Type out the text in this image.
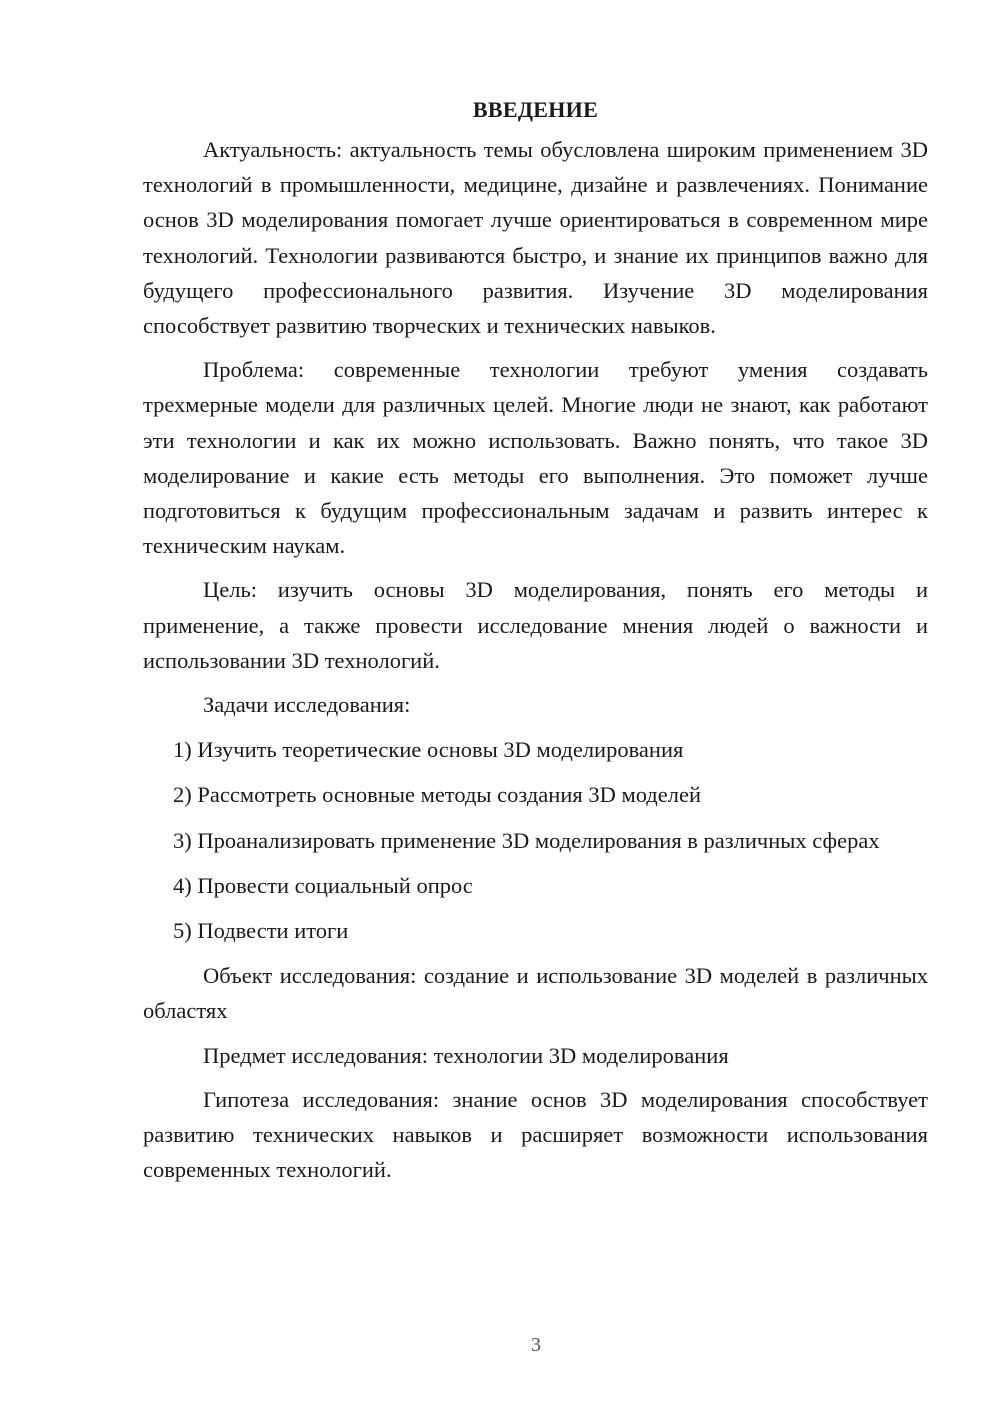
ВВЕДЕНИЕ

Актуальность: актуальность темы обусловлена широким применением 3D технологий в промышленности, медицине, дизайне и развлечениях. Понимание основ 3D моделирования помогает лучше ориентироваться в современном мире технологий. Технологии развиваются быстро, и знание их принципов важно для будущего профессионального развития. Изучение 3D моделирования способствует развитию творческих и технических навыков.

Проблема: современные технологии требуют умения создавать трехмерные модели для различных целей. Многие люди не знают, как работают эти технологии и как их можно использовать. Важно понять, что такое 3D моделирование и какие есть методы его выполнения. Это поможет лучше подготовиться к будущим профессиональным задачам и развить интерес к техническим наукам.

Цель: изучить основы 3D моделирования, понять его методы и применение, а также провести исследование мнения людей о важности и использовании 3D технологий.

Задачи исследования:

1) Изучить теоретические основы 3D моделирования

2) Рассмотреть основные методы создания 3D моделей

3) Проанализировать применение 3D моделирования в различных сферах

4) Провести социальный опрос

5) Подвести итоги

Объект исследования: создание и использование 3D моделей в различных областях

Предмет исследования: технологии 3D моделирования

Гипотеза исследования: знание основ 3D моделирования способствует развитию технических навыков и расширяет возможности использования современных технологий.

3
